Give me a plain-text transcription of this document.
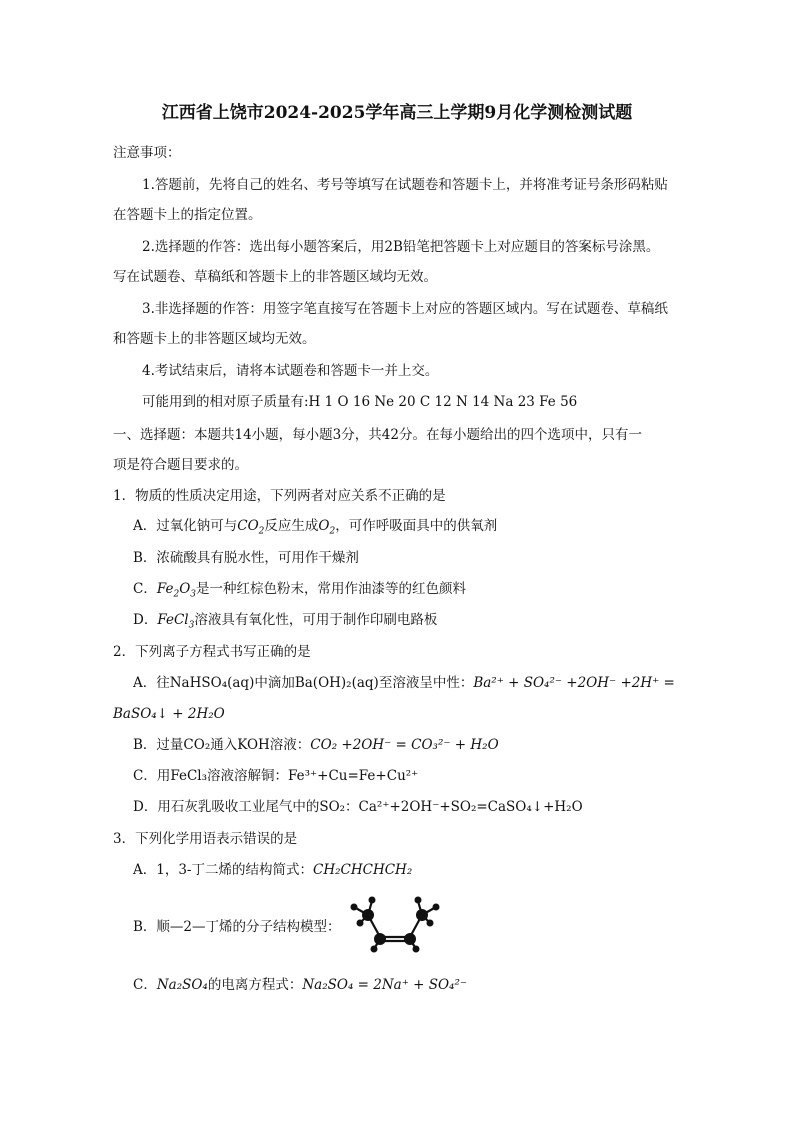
江西省上饶市2024-2025学年高三上学期9月化学测检测试题
注意事项：
1.答题前，先将自己的姓名、考号等填写在试题卷和答题卡上，并将准考证号条形码粘贴
在答题卡上的指定位置。
2.选择题的作答：选出每小题答案后，用2B铅笔把答题卡上对应题目的答案标号涂黑。
写在试题卷、草稿纸和答题卡上的非答题区域均无效。
3.非选择题的作答：用签字笔直接写在答题卡上对应的答题区域内。写在试题卷、草稿纸
和答题卡上的非答题区域均无效。
4.考试结束后，请将本试题卷和答题卡一并上交。
可能用到的相对原子质量有:H 1 O 16 Ne 20 C 12 N 14 Na 23 Fe 56
一、选择题：本题共14小题，每小题3分，共42分。在每小题给出的四个选项中，只有一
项是符合题目要求的。
1．物质的性质决定用途，下列两者对应关系不正确的是
A．过氧化钠可与$CO_2$反应生成$O_2$，可作呼吸面具中的供氧剂
B．浓硫酸具有脱水性，可用作干燥剂
C．$Fe_2O_3$是一种红棕色粉末，常用作油漆等的红色颜料
D．FeCl$_3$溶液具有氧化性，可用于制作印刷电路板
2．下列离子方程式书写正确的是
A．往NaHSO₄(aq)中滴加Ba(OH)₂(aq)至溶液呈中性：Ba²⁺ + SO₄²⁻ +2OH⁻ +2H⁺ =
BaSO₄↓ + 2H₂O
B．过量CO₂通入KOH溶液：CO₂ +2OH⁻ = CO₃²⁻ + H₂O
C．用FeCl₃溶液溶解铜：Fe³⁺+Cu=Fe+Cu²⁺
D．用石灰乳吸收工业尾气中的SO₂：Ca²⁺+2OH⁻+SO₂=CaSO₄↓+H₂O
3．下列化学用语表示错误的是
A．1，3-丁二烯的结构简式：CH₂CHCHCH₂
B．顺—2—丁烯的分子结构模型：
C．Na₂SO₄的电离方程式：Na₂SO₄ = 2Na⁺ + SO₄²⁻
